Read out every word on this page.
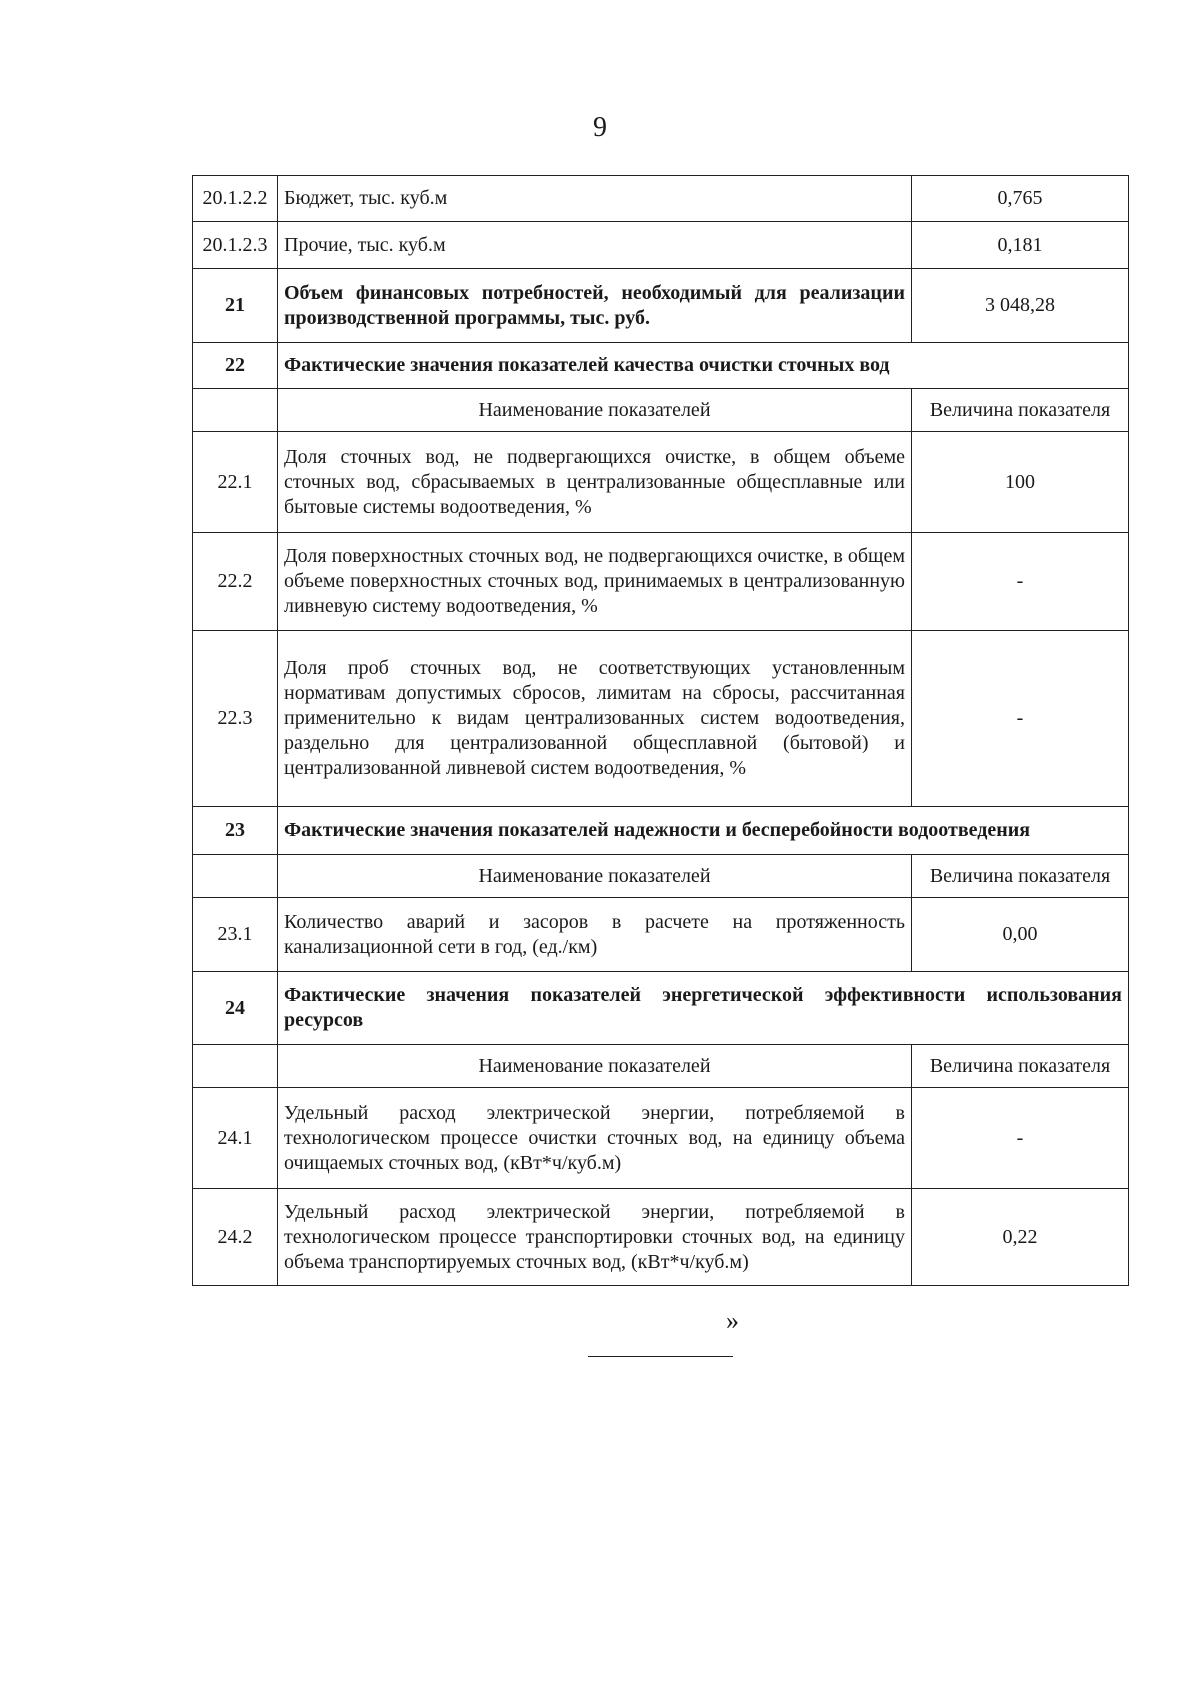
9
20.1.2.2	Бюджет, тыс. куб.м	0,765
20.1.2.3	Прочие, тыс. куб.м	0,181
21	Объем финансовых потребностей, необходимый для реализации производственной программы, тыс. руб.	3 048,28
22	Фактические значения показателей качества очистки сточных вод	
	Наименование показателей	Величина показателя
22.1	Доля сточных вод, не подвергающихся очистке, в общем объеме сточных вод, сбрасываемых в централизованные общесплавные или бытовые системы водоотведения, %	100
22.2	Доля поверхностных сточных вод, не подвергающихся очистке, в общем объеме поверхностных сточных вод, принимаемых в централизованную ливневую систему водоотведения, %	-
22.3	Доля проб сточных вод, не соответствующих установленным нормативам допустимых сбросов, лимитам на сбросы, рассчитанная применительно к видам централизованных систем водоотведения, раздельно для централизованной общесплавной (бытовой) и централизованной ливневой систем водоотведения, %	-
23	Фактические значения показателей надежности и бесперебойности водоотведения	
	Наименование показателей	Величина показателя
23.1	Количество аварий и засоров в расчете на протяженность канализационной сети в год, (ед./км)	0,00
24	Фактические значения показателей энергетической эффективности использования ресурсов	
	Наименование показателей	Величина показателя
24.1	Удельный расход электрической энергии, потребляемой в технологическом процессе очистки сточных вод, на единицу объема очищаемых сточных вод, (кВт*ч/куб.м)	-
24.2	Удельный расход электрической энергии, потребляемой в технологическом процессе транспортировки сточных вод, на единицу объема транспортируемых сточных вод, (кВт*ч/куб.м)	0,22
»
